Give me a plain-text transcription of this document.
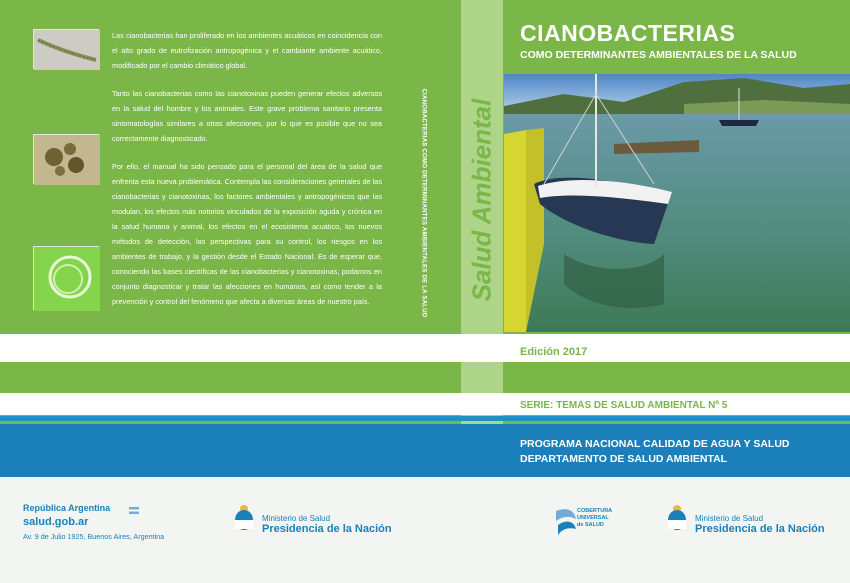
Las cianobacterias han proliferado en los ambientes acuáticos en coincidencia con el alto grado de eutrofización antropogénica y el cambiante ambiente acuático, modificado por el cambio climático global.

Tanto las cianobacterias como las cianotoxinas pueden generar efectos adversos en la salud del hombre y los animales. Este grave problema sanitario presenta sintomatologías similares a otras afecciones, por lo que es posible que no sea correctamente diagnosticado.

Por ello, el manual ha sido pensado para el personal del área de la salud que enfrenta esta nueva problemática. Contempla las consideraciones generales de las cianobacterias y cianotoxinas, los factores ambientales y antropogénicos que las modulan, los efectos más notorios vinculados de la exposición aguda y crónica en la salud humana y animal, los efectos en el ecosistema acuático, los nuevos métodos de detección, las perspectivas para su control, los riesgos en los ambientes de trabajo, y la gestión desde el Estado Nacional. Es de esperar que, conociendo las bases científicas de las cianobacterias y cianotoxinas, podamos en conjunto diagnosticar y tratar las afecciones en humanos, así como tender a la prevención y control del fenómeno que afecta a diversas áreas de nuestro país.	CIANOBACTERIAS COMO DETERMINANTES AMBIENTALES DE LA SALUD Salud Ambiental
CIANOBACTERIAS
COMO DETERMINANTES AMBIENTALES DE LA SALUD
Edición 2017
SERIE: TEMAS DE SALUD AMBIENTAL Nº 5
PROGRAMA NACIONAL CALIDAD DE AGUA Y SALUD
DEPARTAMENTO DE SALUD AMBIENTAL
República Argentina
salud.gob.ar
Av. 9 de Julio 1925, Buenos Aires, Argentina
Ministerio de Salud
Presidencia de la Nación
COBERTURA
UNIVERSAL
de SALUD
Ministerio de Salud
Presidencia de la Nación
